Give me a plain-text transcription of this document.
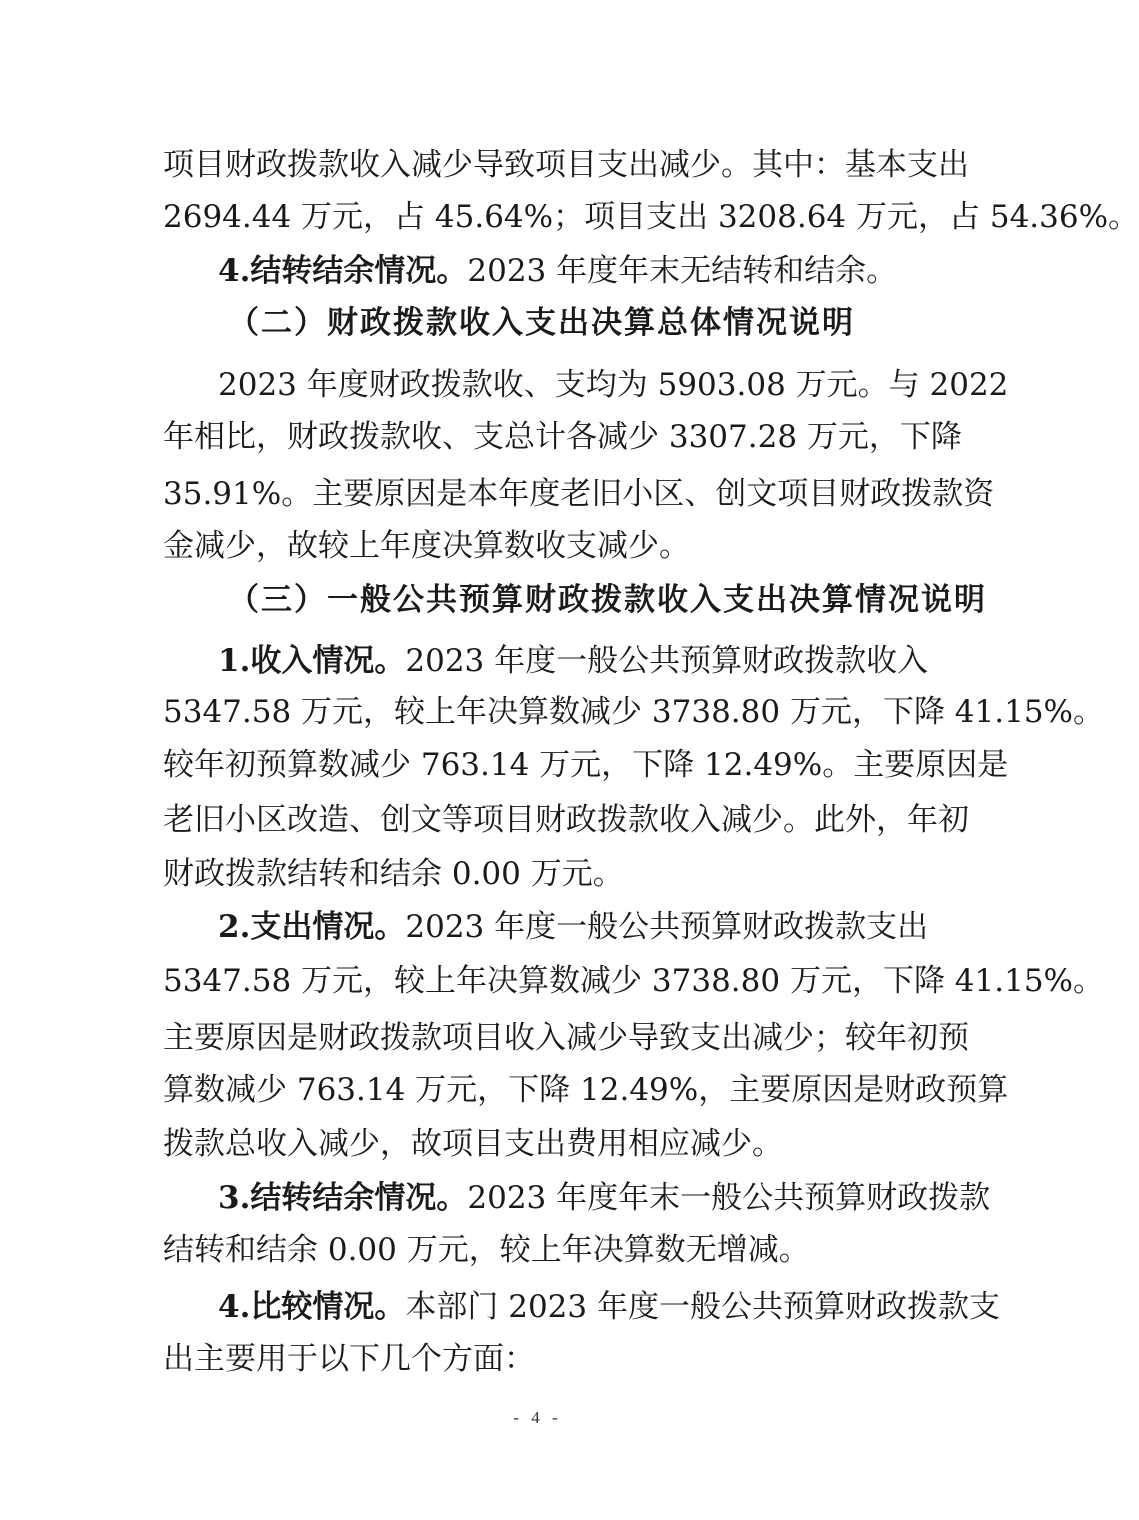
项目财政拨款收入减少导致项目支出减少。其中：基本支出
2694.44 万元，占 45.64%；项目支出 3208.64 万元，占 54.36%。
4.结转结余情况。2023 年度年末无结转和结余。
（二）财政拨款收入支出决算总体情况说明
2023 年度财政拨款收、支均为 5903.08 万元。与 2022
年相比，财政拨款收、支总计各减少 3307.28 万元，下降
35.91%。主要原因是本年度老旧小区、创文项目财政拨款资
金减少，故较上年度决算数收支减少。
（三）一般公共预算财政拨款收入支出决算情况说明
1.收入情况。2023 年度一般公共预算财政拨款收入
5347.58 万元，较上年决算数减少 3738.80 万元，下降 41.15%。
较年初预算数减少 763.14 万元，下降 12.49%。主要原因是
老旧小区改造、创文等项目财政拨款收入减少。此外，年初
财政拨款结转和结余 0.00 万元。
2.支出情况。2023 年度一般公共预算财政拨款支出
5347.58 万元，较上年决算数减少 3738.80 万元，下降 41.15%。
主要原因是财政拨款项目收入减少导致支出减少；较年初预
算数减少 763.14 万元，下降 12.49%，主要原因是财政预算
拨款总收入减少，故项目支出费用相应减少。
3.结转结余情况。2023 年度年末一般公共预算财政拨款
结转和结余 0.00 万元，较上年决算数无增减。
4.比较情况。本部门 2023 年度一般公共预算财政拨款支
出主要用于以下几个方面：
- 4 -
